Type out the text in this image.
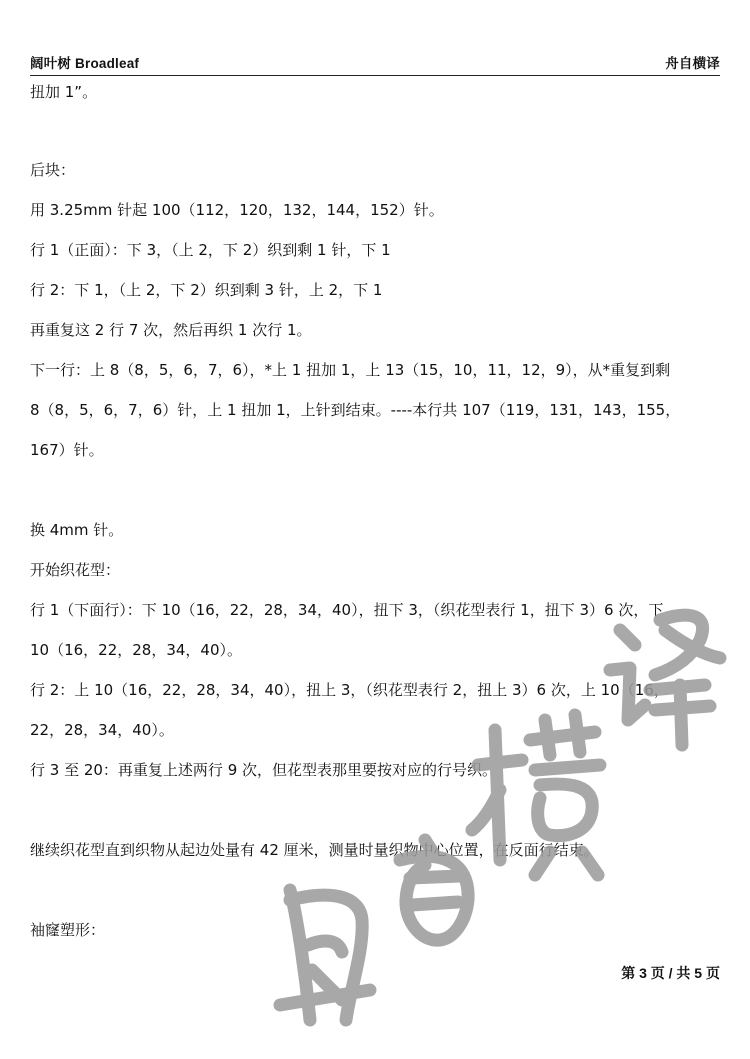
阔叶树 Broadleaf	舟自横译
扭加 1”。
后块：
用 3.25mm 针起 100（112，120，132，144，152）针。
行 1（正面）：下 3，（上 2，下 2）织到剩 1 针，下 1
行 2：下 1，（上 2，下 2）织到剩 3 针，上 2，下 1
再重复这 2 行 7 次，然后再织 1 次行 1。
下一行：上 8（8，5，6，7，6），*上 1 扭加 1，上 13（15，10，11，12，9），从*重复到剩
8（8，5，6，7，6）针，上 1 扭加 1，上针到结束。----本行共 107（119，131，143，155，
167）针。
换 4mm 针。
开始织花型：
行 1（下面行）：下 10（16，22，28，34，40），扭下 3，（织花型表行 1，扭下 3）6 次，下
10（16，22，28，34，40）。
行 2：上 10（16，22，28，34，40），扭上 3，（织花型表行 2，扭上 3）6 次，上 10（16，
22，28，34，40）。
行 3 至 20：再重复上述两行 9 次，但花型表那里要按对应的行号织。
继续织花型直到织物从起边处量有 42 厘米，测量时量织物中心位置，在反面行结束。
袖窿塑形：
第 3 页 / 共 5 页
